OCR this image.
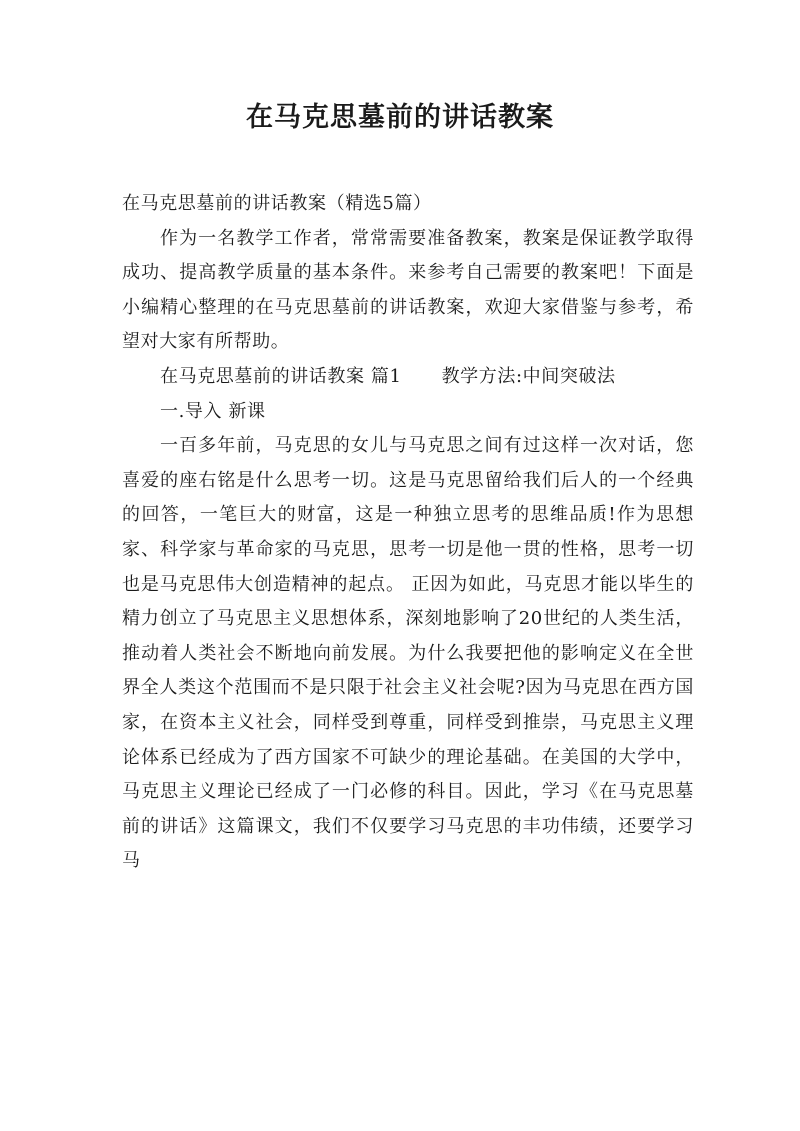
在马克思墓前的讲话教案

在马克思墓前的讲话教案（精选5篇）

作为一名教学工作者，常常需要准备教案，教案是保证教学取得成功、提高教学质量的基本条件。来参考自己需要的教案吧！下面是小编精心整理的在马克思墓前的讲话教案，欢迎大家借鉴与参考，希望对大家有所帮助。

在马克思墓前的讲话教案 篇1 教学方法:中间突破法

一.导入 新课

一百多年前，马克思的女儿与马克思之间有过这样一次对话，您喜爱的座右铭是什么思考一切。这是马克思留给我们后人的一个经典的回答，一笔巨大的财富，这是一种独立思考的思维品质!作为思想家、科学家与革命家的马克思，思考一切是他一贯的性格，思考一切也是马克思伟大创造精神的起点。 正因为如此，马克思才能以毕生的精力创立了马克思主义思想体系，深刻地影响了20世纪的人类生活，推动着人类社会不断地向前发展。为什么我要把他的影响定义在全世界全人类这个范围而不是只限于社会主义社会呢?因为马克思在西方国家，在资本主义社会，同样受到尊重，同样受到推崇，马克思主义理论体系已经成为了西方国家不可缺少的理论基础。在美国的大学中，马克思主义理论已经成了一门必修的科目。因此，学习《在马克思墓前的讲话》这篇课文，我们不仅要学习马克思的丰功伟绩，还要学习马
